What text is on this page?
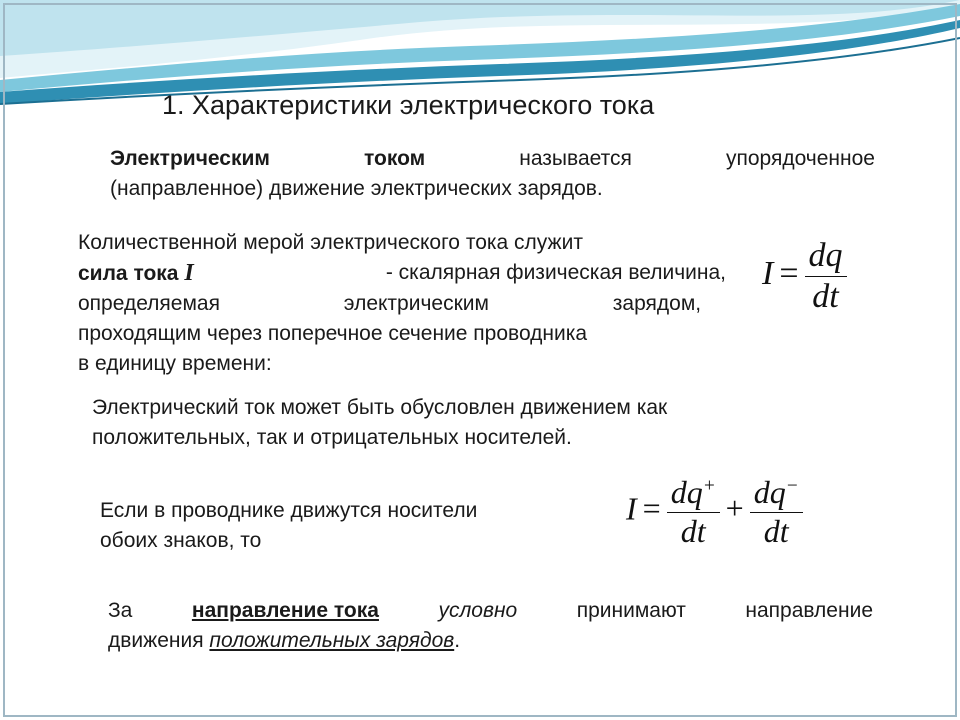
1. Характеристики электрического тока
Электрическим	током	называется	упорядоченное
(направленное) движение электрических зарядов.
Количественной мерой электрического тока служит
сила тока I	- скалярная физическая величина,
определяемая электрическим зарядом,
проходящим через поперечное сечение проводника
в единицу времени:
$I = \frac{dq}{dt}$
Электрический ток может быть обусловлен движением как
положительных, так и отрицательных носителей.
Если в проводнике движутся носители
обоих знаков, то
$I = \frac{dq^+}{dt} + \frac{dq^-}{dt}$
За	направление тока	условно	принимают	направление
движения положительных зарядов.
